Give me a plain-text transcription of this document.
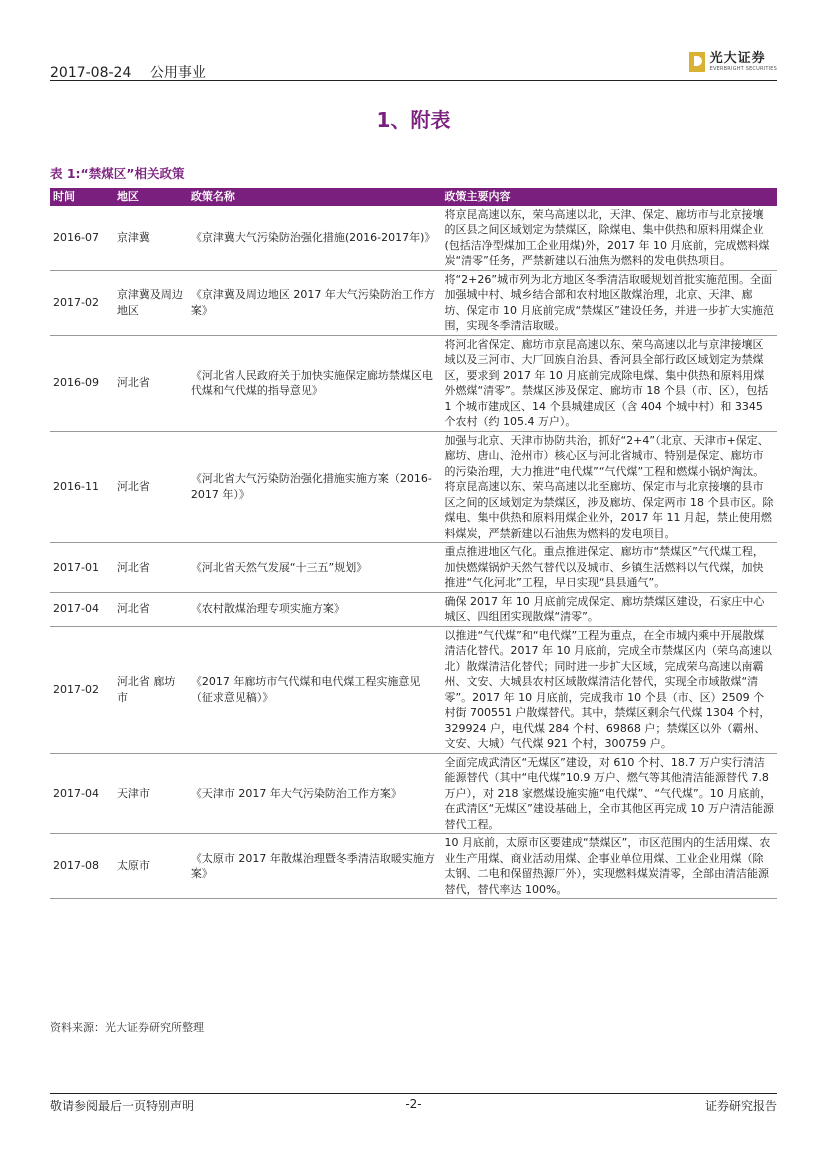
2017-08-24 公用事业
光大证券
EVERBRIGHT SECURITIES
1、附表
表 1:“禁煤区”相关政策
时间	地区	政策名称	政策主要内容
2016-07	京津冀	《京津冀大气污染防治强化措施(2016-2017年)》	将京昆高速以东，荣乌高速以北，天津、保定、廊坊市与北京接壤的区县之间区域划定为禁煤区，除煤电、集中供热和原料用煤企业(包括洁净型煤加工企业用煤)外，2017 年 10 月底前，完成燃料煤炭“清零”任务，严禁新建以石油焦为燃料的发电供热项目。
2017-02	京津冀及周边地区	《京津冀及周边地区 2017 年大气污染防治工作方案》	将“2+26”城市列为北方地区冬季清洁取暖规划首批实施范围。全面加强城中村、城乡结合部和农村地区散煤治理，北京、天津、廊坊、保定市 10 月底前完成“禁煤区”建设任务，并进一步扩大实施范围，实现冬季清洁取暖。
2016-09	河北省	《河北省人民政府关于加快实施保定廊坊禁煤区电代煤和气代煤的指导意见》	将河北省保定、廊坊市京昆高速以东、荣乌高速以北与京津接壤区域以及三河市、大厂回族自治县、香河县全部行政区域划定为禁煤区，要求到 2017 年 10 月底前完成除电煤、集中供热和原料用煤外燃煤“清零”。禁煤区涉及保定、廊坊市 18 个县（市、区），包括 1 个城市建成区、14 个县城建成区（含 404 个城中村）和 3345 个农村（约 105.4 万户）。
2016-11	河北省	《河北省大气污染防治强化措施实施方案（2016-2017 年）》	加强与北京、天津市协防共治，抓好“2+4”（北京、天津市+保定、廊坊、唐山、沧州市）核心区与河北省城市、特别是保定、廊坊市的污染治理，大力推进“电代煤”“气代煤”工程和燃煤小锅炉淘汰。将京昆高速以东、荣乌高速以北至廊坊、保定市与北京接壤的县市区之间的区域划定为禁煤区，涉及廊坊、保定两市 18 个县市区。除煤电、集中供热和原料用煤企业外，2017 年 11 月起，禁止使用燃料煤炭，严禁新建以石油焦为燃料的发电项目。
2017-01	河北省	《河北省天然气发展“十三五”规划》	重点推进地区气化。重点推进保定、廊坊市“禁煤区”气代煤工程，加快燃煤锅炉天然气替代以及城市、乡镇生活燃料以气代煤，加快推进“气化河北”工程，早日实现“县县通气”。
2017-04	河北省	《农村散煤治理专项实施方案》	确保 2017 年 10 月底前完成保定、廊坊禁煤区建设，石家庄中心城区、四组团实现散煤“清零”。
2017-02	河北省 廊坊市	《2017 年廊坊市气代煤和电代煤工程实施意见（征求意见稿）》	以推进“气代煤”和“电代煤”工程为重点，在全市城内乘中开展散煤清洁化替代。2017 年 10 月底前，完成全市禁煤区内（荣乌高速以北）散煤清洁化替代；同时进一步扩大区域，完成荣乌高速以南霸州、文安、大城县农村区域散煤清洁化替代，实现全市域散煤“清零”。2017 年 10 月底前，完成我市 10 个县（市、区）2509 个村街 700551 户散煤替代。其中，禁煤区剩余气代煤 1304 个村，329924 户，电代煤 284 个村、69868 户；禁煤区以外（霸州、文安、大城）气代煤 921 个村，300759 户。
2017-04	天津市	《天津市 2017 年大气污染防治工作方案》	全面完成武清区“无煤区”建设，对 610 个村、18.7 万户实行清洁能源替代（其中“电代煤”10.9 万户、燃气等其他清洁能源替代 7.8 万户），对 218 家燃煤设施实施“电代煤”、“气代煤”。10 月底前，在武清区“无煤区”建设基础上，全市其他区再完成 10 万户清洁能源替代工程。
2017-08	太原市	《太原市 2017 年散煤治理暨冬季清洁取暖实施方案》	10 月底前，太原市区要建成“禁煤区”，市区范围内的生活用煤、农业生产用煤、商业活动用煤、企事业单位用煤、工业企业用煤（除太钢、二电和保留热源厂外），实现燃料煤炭清零，全部由清洁能源替代，替代率达 100%。
资料来源：光大证券研究所整理
敬请参阅最后一页特别声明	-2-	证券研究报告
